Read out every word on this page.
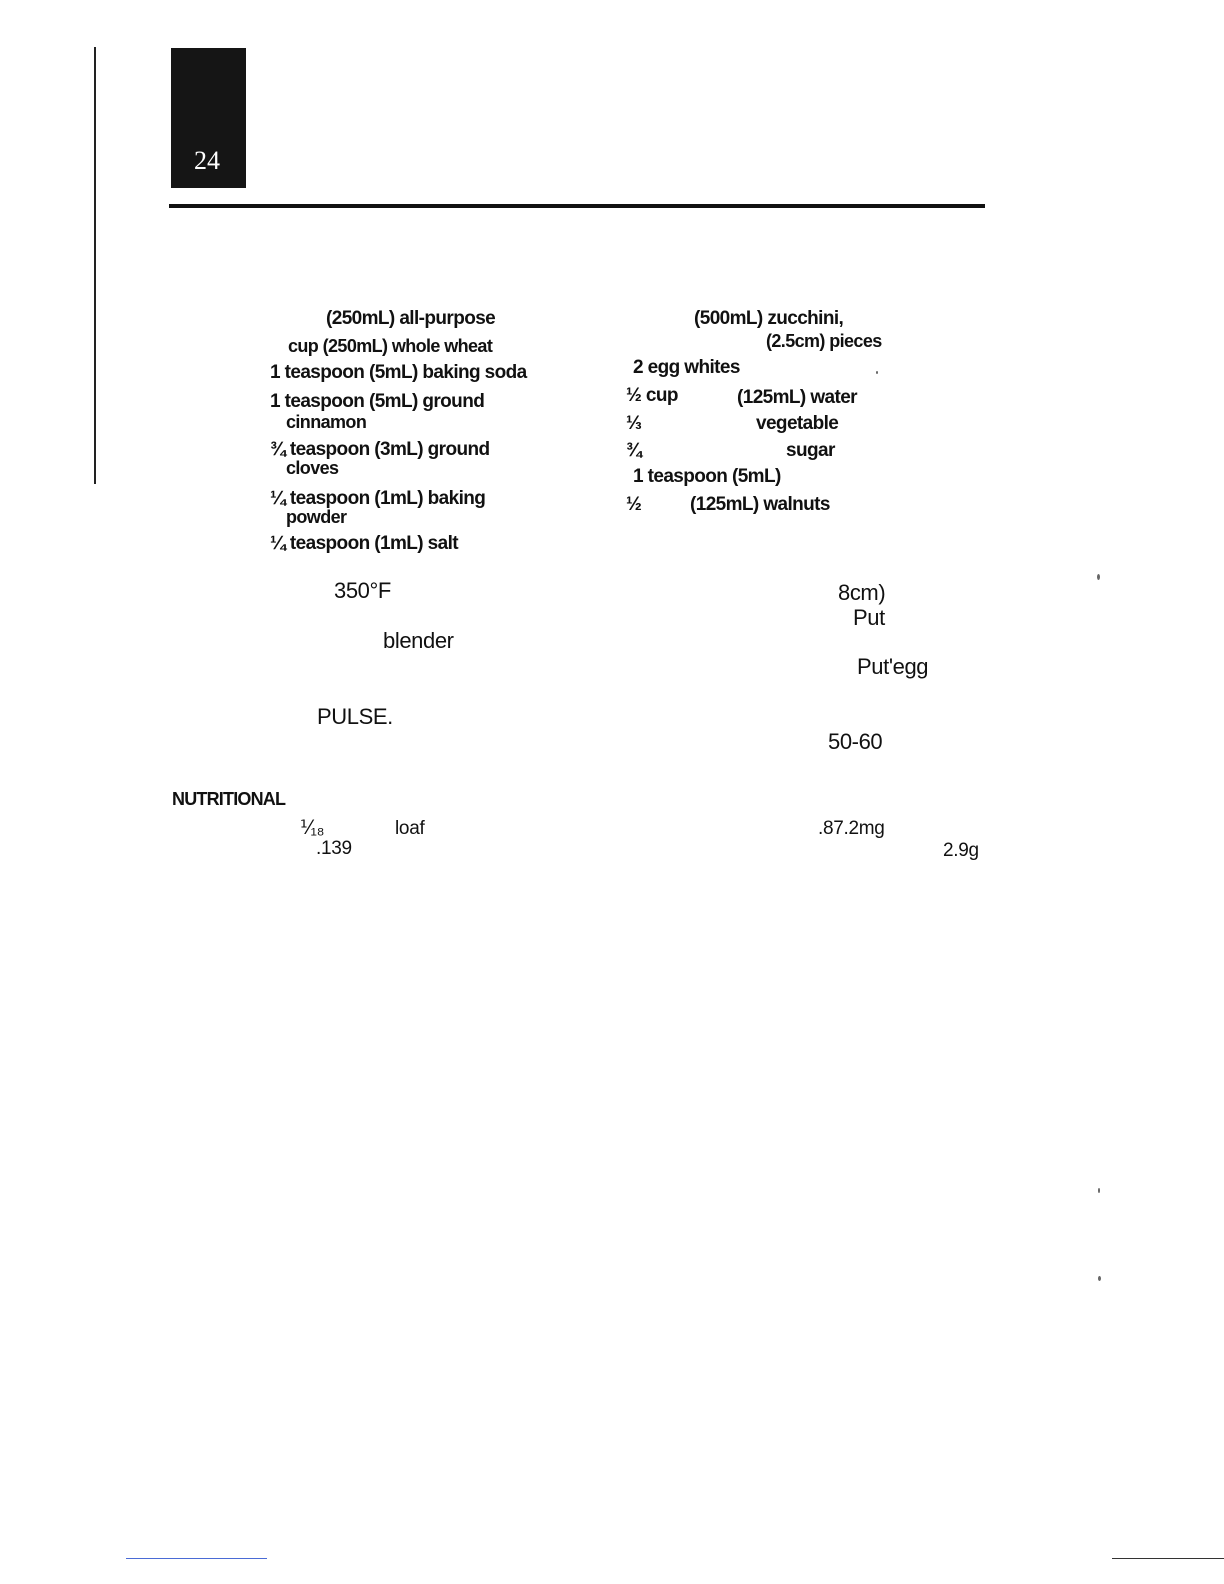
24
(250mL) all-purpose
cup (250mL) whole wheat
1 teaspoon (5mL) baking soda
1 teaspoon (5mL) ground
cinnamon
¾ teaspoon (3mL) ground
cloves
¼ teaspoon (1mL) baking
powder
¼ teaspoon (1mL) salt
(500mL) zucchini,
(2.5cm) pieces
2 egg whites
½ cup	(125mL) water
⅓	vegetable
¾	sugar
1 teaspoon (5mL)
½	(125mL) walnuts
350°F
blender
PULSE.
8cm)
Put
Put'egg
50-60
NUTRITIONAL
⅟₁₈	loaf
.139
.87.2mg
2.9g
